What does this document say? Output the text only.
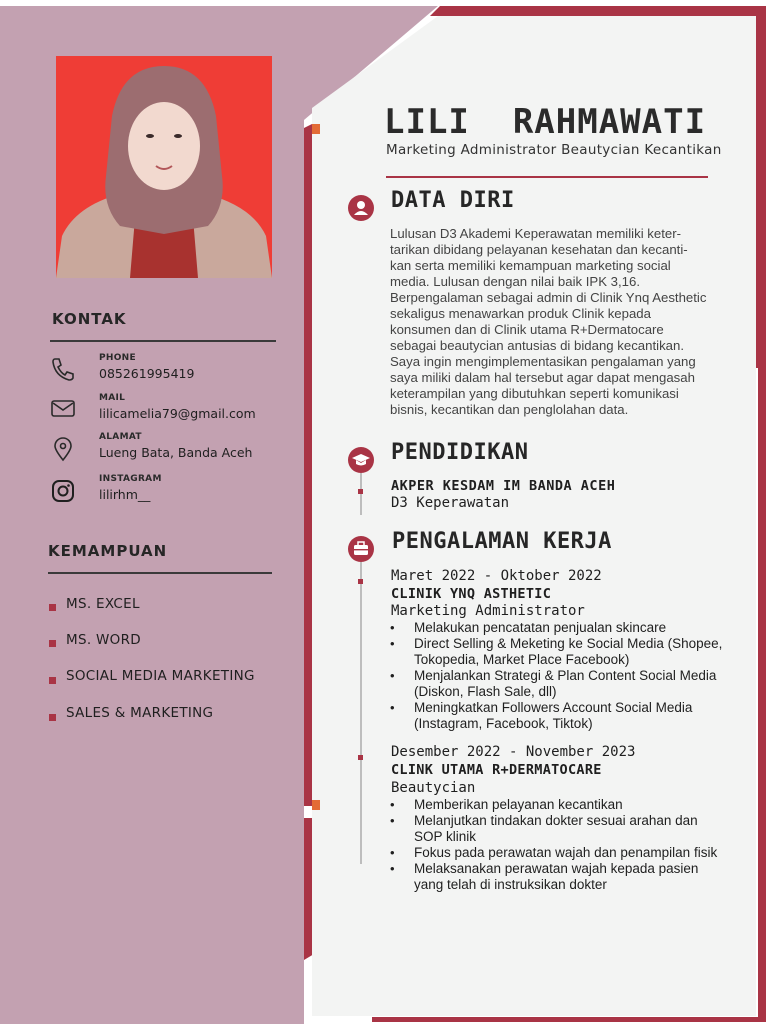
KONTAK
PHONE
085261995419
MAIL
lilicamelia79@gmail.com
ALAMAT
Lueng Bata, Banda Aceh
INSTAGRAM
lilirhm__
KEMAMPUAN
MS. EXCEL
MS. WORD
SOCIAL MEDIA MARKETING
SALES & MARKETING
LILI  RAHMAWATI
Marketing Administrator Beautycian Kecantikan
DATA DIRI
Lulusan D3 Akademi Keperawatan memiliki keter-
tarikan dibidang pelayanan kesehatan dan kecanti-
kan serta memiliki kemampuan marketing social
media. Lulusan dengan nilai baik IPK 3,16.
Berpengalaman sebagai admin di Clinik Ynq Aesthetic
sekaligus menawarkan produk Clinik kepada
konsumen dan di Clinik utama R+Dermatocare
sebagai beautycian antusias di bidang kecantikan.
Saya ingin mengimplementasikan pengalaman yang
saya miliki dalam hal tersebut agar dapat mengasah
keterampilan yang dibutuhkan seperti komunikasi
bisnis, kecantikan dan penglolahan data.
PENDIDIKAN
AKPER KESDAM IM BANDA ACEH
D3 Keperawatan
PENGALAMAN KERJA
Maret 2022 - Oktober 2022
CLINIK YNQ ASTHETIC
Marketing Administrator
• Melakukan pencatatan penjualan skincare
• Direct Selling & Meketing ke Social Media (Shopee, Tokopedia, Market Place Facebook)
• Menjalankan Strategi & Plan Content Social Media (Diskon, Flash Sale, dll)
• Meningkatkan Followers Account Social Media (Instagram, Facebook, Tiktok)
Desember 2022 - November 2023
CLINK UTAMA R+DERMATOCARE
Beautycian
• Memberikan pelayanan kecantikan
• Melanjutkan tindakan dokter sesuai arahan dan SOP klinik
• Fokus pada perawatan wajah dan penampilan fisik
• Melaksanakan perawatan wajah kepada pasien yang telah di instruksikan dokter
